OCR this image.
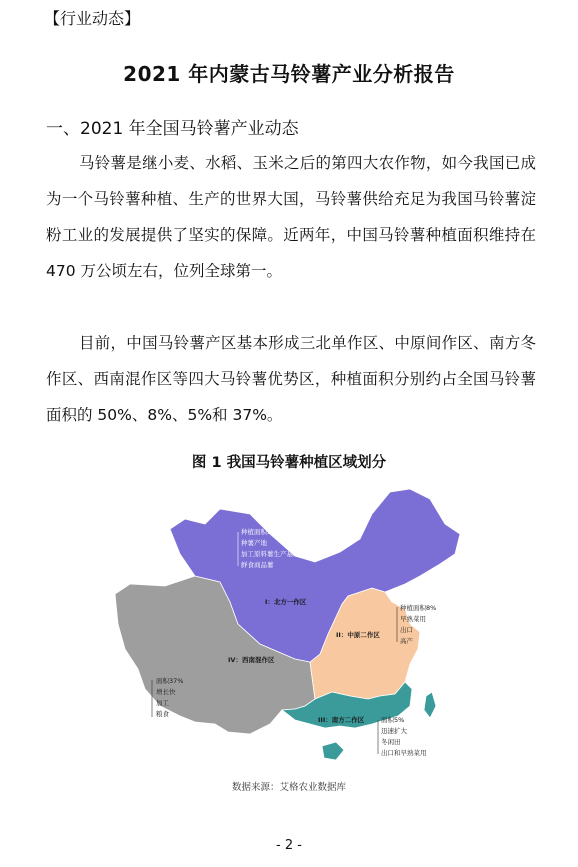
【行业动态】
2021 年内蒙古马铃薯产业分析报告
一、2021 年全国马铃薯产业动态

马铃薯是继小麦、水稻、玉米之后的第四大农作物，如今我国已成为一个马铃薯种植、生产的世界大国，马铃薯供给充足为我国马铃薯淀粉工业的发展提供了坚实的保障。近两年，中国马铃薯种植面积维持在 470 万公顷左右，位列全球第一。

目前，中国马铃薯产区基本形成三北单作区、中原间作区、南方冬作区、西南混作区等四大马铃薯优势区，种植面积分别约占全国马铃薯面积的 50%、8%、5%和 37%。

图 1 我国马铃薯种植区域划分
I：北方一作区
II：中原二作区
IV：西南混作区
III：南方二作区
种植面积50%
种薯产地
加工原料薯生产基地
鲜食商品薯
种植面积8%
早熟菜用
出口
高产
面积37%
增长快
加工
粮食
面积5%
迅速扩大
冬闲田
出口和早熟菜用
数据来源：艾格农业数据库
- 2 -
